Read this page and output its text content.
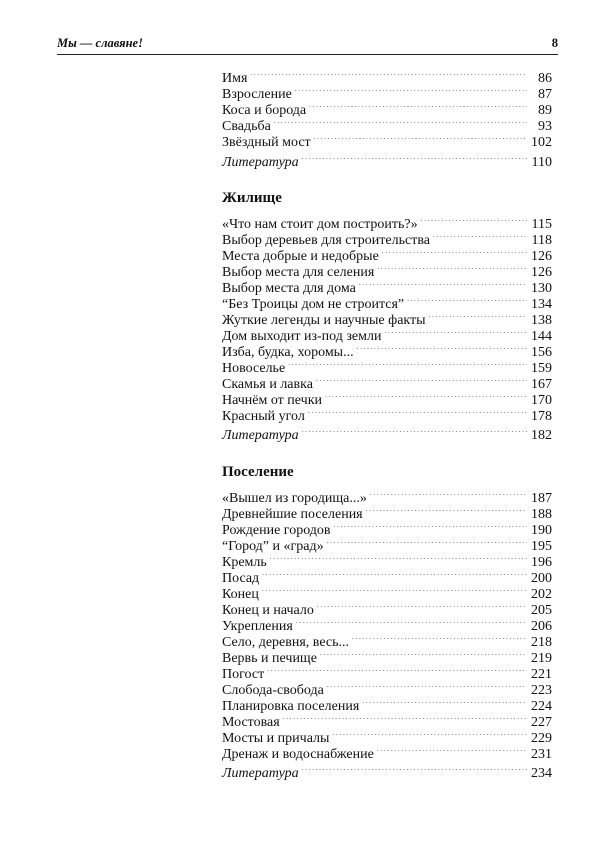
Мы — славяне!	8
Имя . . .	86
Взросление . . .	87
Коса и борода . . .	89
Свадьба . . .	93
Звёздный мост . . .	102
Литература . . .	110
Жилище
«Что нам стоит дом построить?» . . .	115
Выбор деревьев для строительства . . .	118
Места добрые и недобрые . . .	126
Выбор места для селения . . .	126
Выбор места для дома . . .	130
“Без Троицы дом не строится” . . .	134
Жуткие легенды и научные факты . . .	138
Дом выходит из-под земли . . .	144
Изба, будка, хоромы... . . .	156
Новоселье . . .	159
Скамья и лавка . . .	167
Начнём от печки . . .	170
Красный угол . . .	178
Литература . . .	182
Поселение
«Вышел из городища...» . . .	187
Древнейшие поселения . . .	188
Рождение городов . . .	190
“Город” и «град» . . .	195
Кремль . . .	196
Посад . . .	200
Конец . . .	202
Конец и начало . . .	205
Укрепления . . .	206
Село, деревня, весь... . . .	218
Вервь и печище . . .	219
Погост . . .	221
Слобода-свобода . . .	223
Планировка поселения . . .	224
Мостовая . . .	227
Мосты и причалы . . .	229
Дренаж и водоснабжение . . .	231
Литература . . .	234
